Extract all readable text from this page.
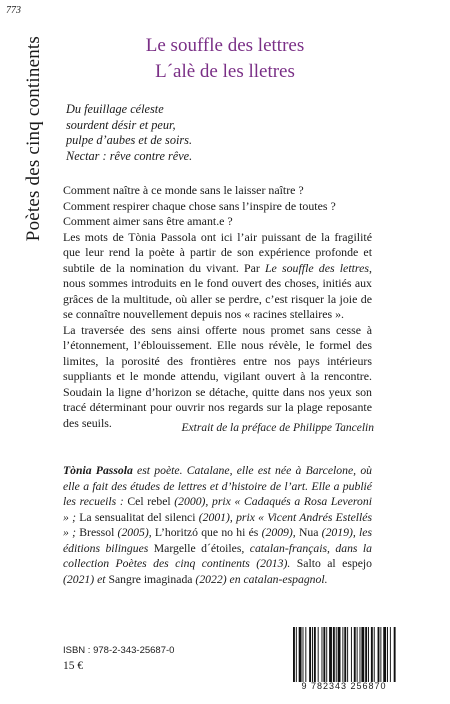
773
Poètes des cinq continents	Le souffle des lettres
L´alè de les lletres
Du feuillage céleste
sourdent désir et peur,
pulpe d’aubes et de soirs.
Nectar : rêve contre rêve.

Comment naître à ce monde sans le laisser naître ?

Comment respirer chaque chose sans l’inspire de toutes ?

Comment aimer sans être amant.e ?

Les mots de Tònia Passola ont ici l’air puissant de la fragilité que leur rend la poète à partir de son expérience profonde et subtile de la nomination du vivant. Par Le souffle des lettres, nous sommes introduits en le fond ouvert des choses, initiés aux grâces de la multitude, où aller se perdre, c’est risquer la joie de se connaître nouvellement depuis nos « racines stellaires ».

La traversée des sens ainsi offerte nous promet sans cesse à l’étonnement, l’éblouissement. Elle nous révèle, le formel des limites, la porosité des frontières entre nos pays intérieurs suppliants et le monde attendu, vigilant ouvert à la rencontre. Soudain la ligne d’horizon se détache, quitte dans nos yeux son tracé déterminant pour ouvrir nos regards sur la plage reposante des seuils.	Extrait de la préface de Philippe Tancelin
Tònia Passola est poète. Catalane, elle est née à Barcelone, où elle a fait des études de lettres et d’histoire de l’art. Elle a publié les recueils : Cel rebel (2000), prix « Cadaqués a Rosa Leveroni » ; La sensualitat del silenci (2001), prix « Vicent Andrés Estellés » ; Bressol (2005), L’horitzó que no hi és (2009), Nua (2019), les éditions bilingues Margelle d´étoiles, catalan-français, dans la collection Poètes des cinq continents (2013). Salto al espejo (2021) et Sangre imaginada (2022) en catalan-espagnol.
ISBN : 978-2-343-25687-0
15 €
9 782343 256870
